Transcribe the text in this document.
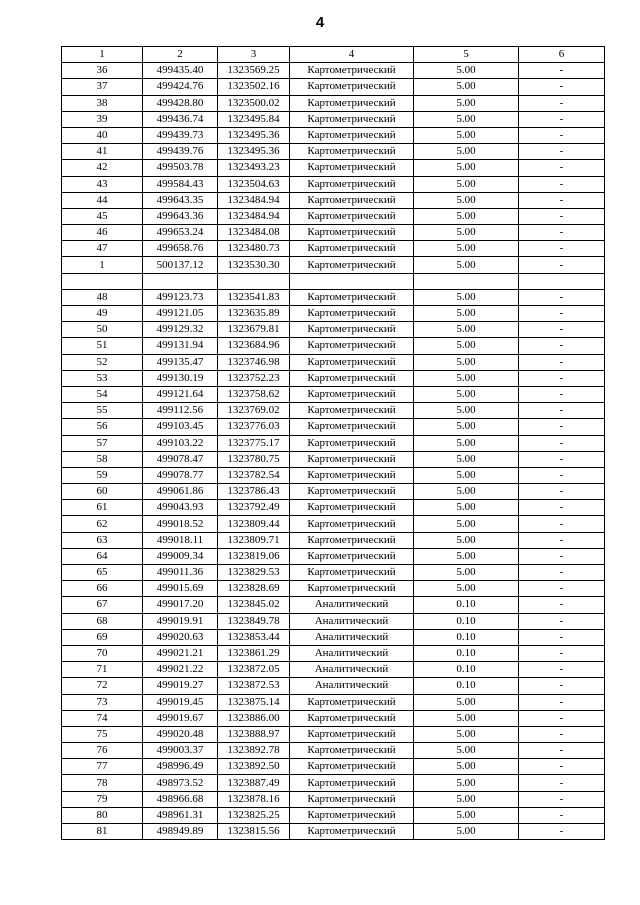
4
1	2	3	4	5	6
36	499435.40	1323569.25	Картометрический	5.00	-
37	499424.76	1323502.16	Картометрический	5.00	-
38	499428.80	1323500.02	Картометрический	5.00	-
39	499436.74	1323495.84	Картометрический	5.00	-
40	499439.73	1323495.36	Картометрический	5.00	-
41	499439.76	1323495.36	Картометрический	5.00	-
42	499503.78	1323493.23	Картометрический	5.00	-
43	499584.43	1323504.63	Картометрический	5.00	-
44	499643.35	1323484.94	Картометрический	5.00	-
45	499643.36	1323484.94	Картометрический	5.00	-
46	499653.24	1323484.08	Картометрический	5.00	-
47	499658.76	1323480.73	Картометрический	5.00	-
1	500137.12	1323530.30	Картометрический	5.00	-

48	499123.73	1323541.83	Картометрический	5.00	-
49	499121.05	1323635.89	Картометрический	5.00	-
50	499129.32	1323679.81	Картометрический	5.00	-
51	499131.94	1323684.96	Картометрический	5.00	-
52	499135.47	1323746.98	Картометрический	5.00	-
53	499130.19	1323752.23	Картометрический	5.00	-
54	499121.64	1323758.62	Картометрический	5.00	-
55	499112.56	1323769.02	Картометрический	5.00	-
56	499103.45	1323776.03	Картометрический	5.00	-
57	499103.22	1323775.17	Картометрический	5.00	-
58	499078.47	1323780.75	Картометрический	5.00	-
59	499078.77	1323782.54	Картометрический	5.00	-
60	499061.86	1323786.43	Картометрический	5.00	-
61	499043.93	1323792.49	Картометрический	5.00	-
62	499018.52	1323809.44	Картометрический	5.00	-
63	499018.11	1323809.71	Картометрический	5.00	-
64	499009.34	1323819.06	Картометрический	5.00	-
65	499011.36	1323829.53	Картометрический	5.00	-
66	499015.69	1323828.69	Картометрический	5.00	-
67	499017.20	1323845.02	Аналитический	0.10	-
68	499019.91	1323849.78	Аналитический	0.10	-
69	499020.63	1323853.44	Аналитический	0.10	-
70	499021.21	1323861.29	Аналитический	0.10	-
71	499021.22	1323872.05	Аналитический	0.10	-
72	499019.27	1323872.53	Аналитический	0.10	-
73	499019.45	1323875.14	Картометрический	5.00	-
74	499019.67	1323886.00	Картометрический	5.00	-
75	499020.48	1323888.97	Картометрический	5.00	-
76	499003.37	1323892.78	Картометрический	5.00	-
77	498996.49	1323892.50	Картометрический	5.00	-
78	498973.52	1323887.49	Картометрический	5.00	-
79	498966.68	1323878.16	Картометрический	5.00	-
80	498961.31	1323825.25	Картометрический	5.00	-
81	498949.89	1323815.56	Картометрический	5.00	-
